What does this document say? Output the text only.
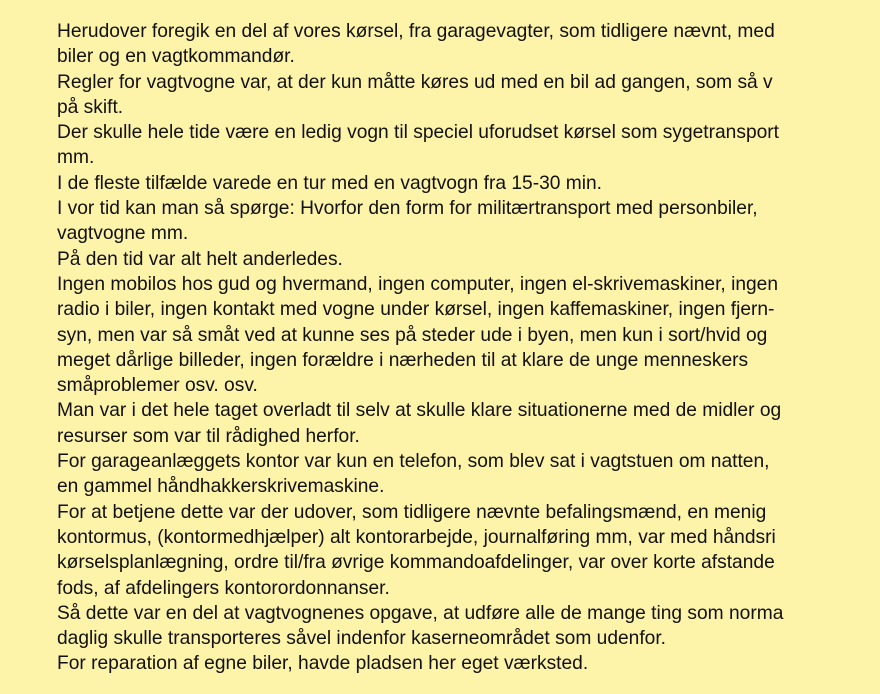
Herudover foregik en del af vores kørsel, fra garagevagter, som tidligere nævnt, med
biler og en vagtkommandør.
Regler for vagtvogne var, at der kun måtte køres ud med en bil ad gangen, som så v
på skift.
Der skulle hele tide være en ledig vogn til speciel uforudset kørsel som sygetransport
mm.
I de fleste tilfælde varede en tur med en vagtvogn fra 15-30 min.
I vor tid kan man så spørge: Hvorfor den form for militærtransport med personbiler,
vagtvogne mm.
På den tid var alt helt anderledes.
Ingen mobilos hos gud og hvermand, ingen computer, ingen el-skrivemaskiner, ingen
radio i biler, ingen kontakt med vogne under kørsel, ingen kaffemaskiner, ingen fjern-
syn, men var så småt ved at kunne ses på steder ude i byen, men kun i sort/hvid og
meget dårlige billeder, ingen forældre i nærheden til at klare de unge menneskers
småproblemer osv. osv.
Man var i det hele taget overladt til selv at skulle klare situationerne med de midler og
resurser som var til rådighed herfor.
For garageanlæggets kontor var kun en telefon, som blev sat i vagtstuen om natten,
en gammel håndhakkerskrivemaskine.
For at betjene dette var der udover, som tidligere nævnte befalingsmænd, en menig
kontormus, (kontormedhjælper) alt kontorarbejde, journalføring mm, var med håndsri
kørselsplanlægning, ordre til/fra øvrige kommandoafdelinger, var over korte afstande
fods, af afdelingers kontorordonnanser.
Så dette var en del at vagtvognenes opgave, at udføre alle de mange ting som norma
daglig skulle transporteres såvel indenfor kaserneområdet som udenfor.
For reparation af egne biler, havde pladsen her eget værksted.
